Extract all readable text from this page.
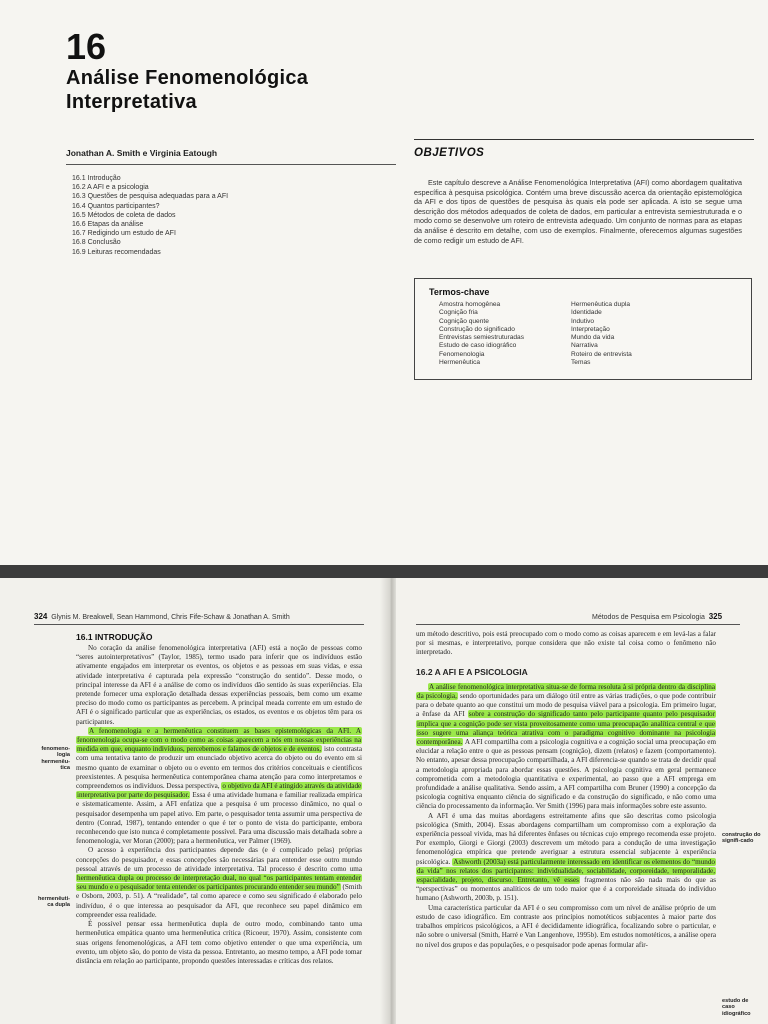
16
Análise Fenomenológica
Interpretativa
Jonathan A. Smith e Virginia Eatough
16.1 Introdução
16.2 A AFI e a psicologia
16.3 Questões de pesquisa adequadas para a AFI
16.4 Quantos participantes?
16.5 Métodos de coleta de dados
16.6 Etapas da análise
16.7 Redigindo um estudo de AFI
16.8 Conclusão
16.9 Leituras recomendadas
OBJETIVOS
Este capítulo descreve a Análise Fenomenológica Interpretativa (AFI) como abordagem qualitativa específica à pesquisa psicológica. Contém uma breve discussão acerca da orientação epistemológica da AFI e dos tipos de questões de pesquisa às quais ela pode ser aplicada. A isto se segue uma descrição dos métodos adequados de coleta de dados, em particular a entrevista semiestruturada e o modo como se desenvolve um roteiro de entrevista adequado. Um conjunto de normas para as etapas da análise é descrito em detalhe, com uso de exemplos. Finalmente, oferecemos algumas sugestões de como redigir um estudo de AFI.
Termos-chave
Amostra homogênea
Cognição fria
Cognição quente
Construção do significado
Entrevistas semiestruturadas
Estudo de caso idiográfico
Fenomenologia
Hermenêutica
Hermenêutica dupla
Identidade
Indutivo
Interpretação
Mundo da vida
Narrativa
Roteiro de entrevista
Temas
324 Glynis M. Breakwell, Sean Hammond, Chris Fife-Schaw & Jonathan A. Smith
16.1 INTRODUÇÃO
fenomeno-logia hermenêu-tica
hermenêuti-ca dupla

No coração da análise fenomenológica interpretativa (AFI) está a noção de pessoas como “seres autointerpretativos” (Taylor, 1985), termo usado para inferir que os indivíduos estão ativamente engajados em interpretar os eventos, os objetos e as pessoas em suas vidas, e essa atividade interpretativa é capturada pela expressão “construção do sentido”. Desse modo, o principal interesse da AFI é a análise de como os indivíduos dão sentido às suas experiências. Ela pretende fornecer uma exploração detalhada dessas experiências pessoais, bem como um exame preciso do modo como os participantes as percebem. A principal meada corrente em um estudo de AFI é o significado particular que as experiências, os estados, os eventos e os objetos têm para os participantes.

A fenomenologia e a hermenêutica constituem as bases epistemológicas da AFI. A fenomenologia ocupa-se com o modo como as coisas aparecem a nós em nossas experiências na medida em que, enquanto indivíduos, percebemos e falamos de objetos e de eventos, isto contrasta com uma tentativa tanto de produzir um enunciado objetivo acerca do objeto ou do evento em si mesmo quanto de examinar o objeto ou o evento em termos dos critérios conceituais e científicos preexistentes. A pesquisa hermenêutica contemporânea chama atenção para como interpretamos e compreendemos os indivíduos. Dessa perspectiva, o objetivo da AFI é atingido através da atividade interpretativa por parte do pesquisador. Essa é uma atividade humana e familiar realizada empírica e sistematicamente. Assim, a AFI enfatiza que a pesquisa é um processo dinâmico, no qual o pesquisador desempenha um papel ativo. Em parte, o pesquisador tenta assumir uma perspectiva de dentro (Conrad, 1987), tentando entender o que é ter o ponto de vista do participante, embora reconhecendo que isto nunca é completamente possível. Para uma discussão mais detalhada sobre a fenomenologia, ver Moran (2000); para a hermenêutica, ver Palmer (1969).

O acesso à experiência dos participantes depende das (e é complicado pelas) próprias concepções do pesquisador, e essas concepções são necessárias para entender esse outro mundo pessoal através de um processo de atividade interpretativa. Tal processo é descrito como uma hermenêutica dupla ou processo de interpretação dual, no qual “os participantes tentam entender seu mundo e o pesquisador tenta entender os participantes procurando entender seu mundo” (Smith e Osborn, 2003, p. 51). A “realidade”, tal como aparece e como seu significado é elaborado pelo indivíduo, é o que interessa ao pesquisador da AFI, que reconhece seu papel dinâmico em compreender essa realidade.

É possível pensar essa hermenêutica dupla de outro modo, combinando tanto uma hermenêutica empática quanto uma hermenêutica crítica (Ricoeur, 1970). Assim, consistente com suas origens fenomenológicas, a AFI tem como objetivo entender o que uma experiência, um evento, um objeto são, do ponto de vista da pessoa. Entretanto, ao mesmo tempo, a AFI pode tomar distância em relação ao participante, propondo questões interessadas e críticas dos relatos.

Métodos de Pesquisa em Psicologia 325
construção do signifi-cado
estudo de caso idiográfico

um método descritivo, pois está preocupado com o modo como as coisas aparecem e em levá-las a falar por si mesmas, e interpretativo, porque considera que não existe tal coisa como o fenômeno não interpretado.

16.2 A AFI E A PSICOLOGIA

A análise fenomenológica interpretativa situa-se de forma resoluta à si própria dentro da disciplina da psicologia, sendo oportunidades para um diálogo útil entre as várias tradições, o que pode contribuir para o debate quanto ao que constitui um modo de pesquisa viável para a psicologia. Em primeiro lugar, a ênfase da AFI sobre a construção do significado tanto pelo participante quanto pelo pesquisador implica que a cognição pode ser vista proveitosamente como uma preocupação analítica central e que isso sugere uma aliança teórica atrativa com o paradigma cognitivo dominante na psicologia contemporânea. A AFI compartilha com a psicologia cognitiva e a cognição social uma preocupação em elucidar a relação entre o que as pessoas pensam (cognição), dizem (relatos) e fazem (comportamento). No entanto, apesar dessa preocupação compartilhada, a AFI diferencia-se quando se trata de decidir qual a metodologia apropriada para abordar essas questões. A psicologia cognitiva em geral permanece comprometida com a metodologia quantitativa e experimental, ao passo que a AFI emprega em profundidade a análise qualitativa. Sendo assim, a AFI compartilha com Bruner (1990) a concepção da psicologia cognitiva enquanto ciência do significado e da construção do significado, e não como uma ciência do processamento da informação. Ver Smith (1996) para mais informações sobre este assunto.

A AFI é uma das muitas abordagens estreitamente afins que são descritas como psicologia psicológica (Smith, 2004). Essas abordagens compartilham um compromisso com a exploração da experiência pessoal vivida, mas há diferentes ênfases ou técnicas cujo emprego recomenda esse projeto. Por exemplo, Giorgi e Giorgi (2003) descrevem um método para a condução de uma investigação fenomenológica empírica que pretende averiguar a estrutura essencial subjacente à experiência psicológica. Ashworth (2003a) está particularmente interessado em identificar os elementos do “mundo da vida” nos relatos dos participantes: individualidade, sociabilidade, corporeidade, temporalidade, espacialidade, projeto, discurso. Entretanto, vê esses fragmentos não são nada mais do que as “perspectivas” ou momentos analíticos de um todo maior que é a corporeidade situada do indivíduo humano (Ashworth, 2003b, p. 151).

Uma característica particular da AFI é o seu compromisso com um nível de análise próprio de um estudo de caso idiográfico. Em contraste aos princípios nomotéticos subjacentes à maior parte dos trabalhos empíricos psicológicos, a AFI é decididamente idiográfica, focalizando sobre o particular, e não sobre o universal (Smith, Harré e Van Langenhove, 1995b). Em estudos nomotéticos, a análise opera no nível dos grupos e das populações, e o pesquisador pode apenas formular afir-
